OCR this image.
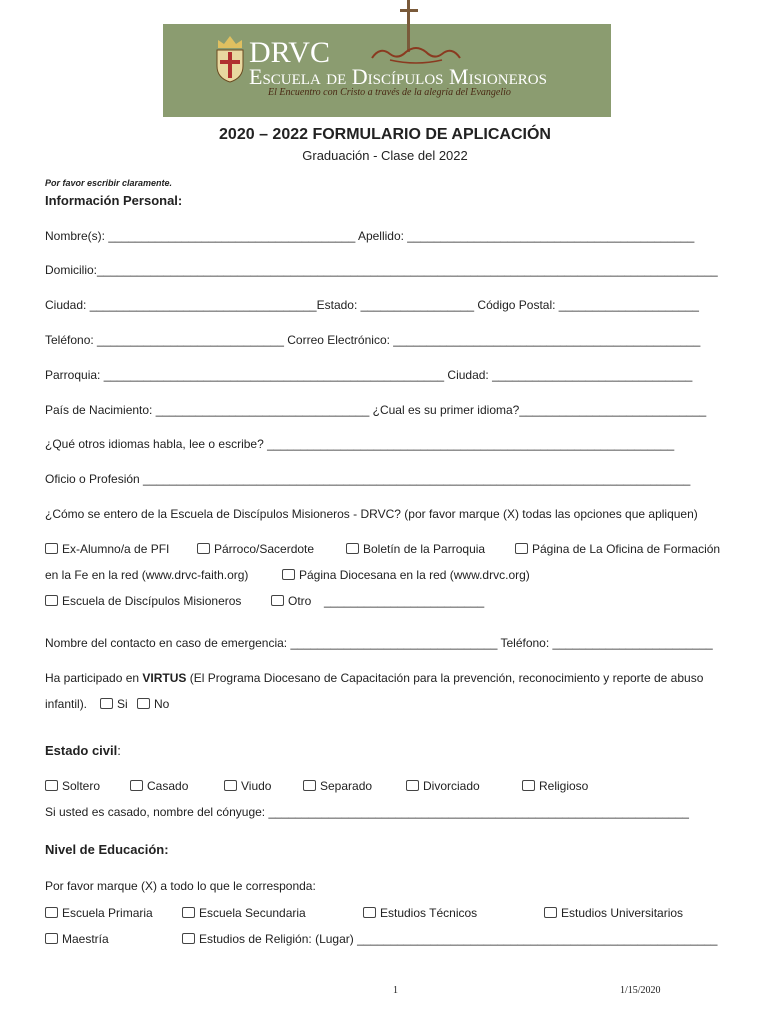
DRVC
Escuela de Discípulos Misioneros
El Encuentro con Cristo a través de la alegría del Evangelio
2020 – 2022 FORMULARIO DE APLICACIÓN
Graduación - Clase del 2022
Por favor escribir claramente.
Información Personal:
Nombre(s): _____________________________________ Apellido: ___________________________________________
Domicilio:_____________________________________________________________________________________________
Ciudad: __________________________________Estado: _________________ Código Postal: _____________________
Teléfono: ____________________________ Correo Electrónico: ______________________________________________
Parroquia: ___________________________________________________ Ciudad: ______________________________
País de Nacimiento: ________________________________ ¿Cual es su primer idioma?____________________________
¿Qué otros idiomas habla, lee o escribe? _____________________________________________________________
Oficio o Profesión __________________________________________________________________________________
¿Cómo se entero de la Escuela de Discípulos Misioneros - DRVC? (por favor marque (X) todas las opciones que apliquen)
Ex-Alumno/a de PFI	Párroco/Sacerdote	Boletín de la Parroquia	Página de La Oficina de Formación
en la Fe en la red (www.drvc-faith.org)	Página Diocesana en la red (www.drvc.org)
Escuela de Discípulos Misioneros	Otro ________________________
Nombre del contacto en caso de emergencia: _______________________________ Teléfono: ________________________
Ha participado en VIRTUS (El Programa Diocesano de Capacitación para la prevención, reconocimiento y reporte de abuso
infantil).	Si	No
Estado civil:
Soltero	Casado	Viudo	Separado	Divorciado	Religioso
Si usted es casado, nombre del cónyuge: _______________________________________________________________
Nivel de Educación:
Por favor marque (X) a todo lo que le corresponda:
Escuela Primaria	Escuela Secundaria	Estudios Técnicos	Estudios Universitarios
Maestría	Estudios de Religión: (Lugar) ______________________________________________________
1	1/15/2020
